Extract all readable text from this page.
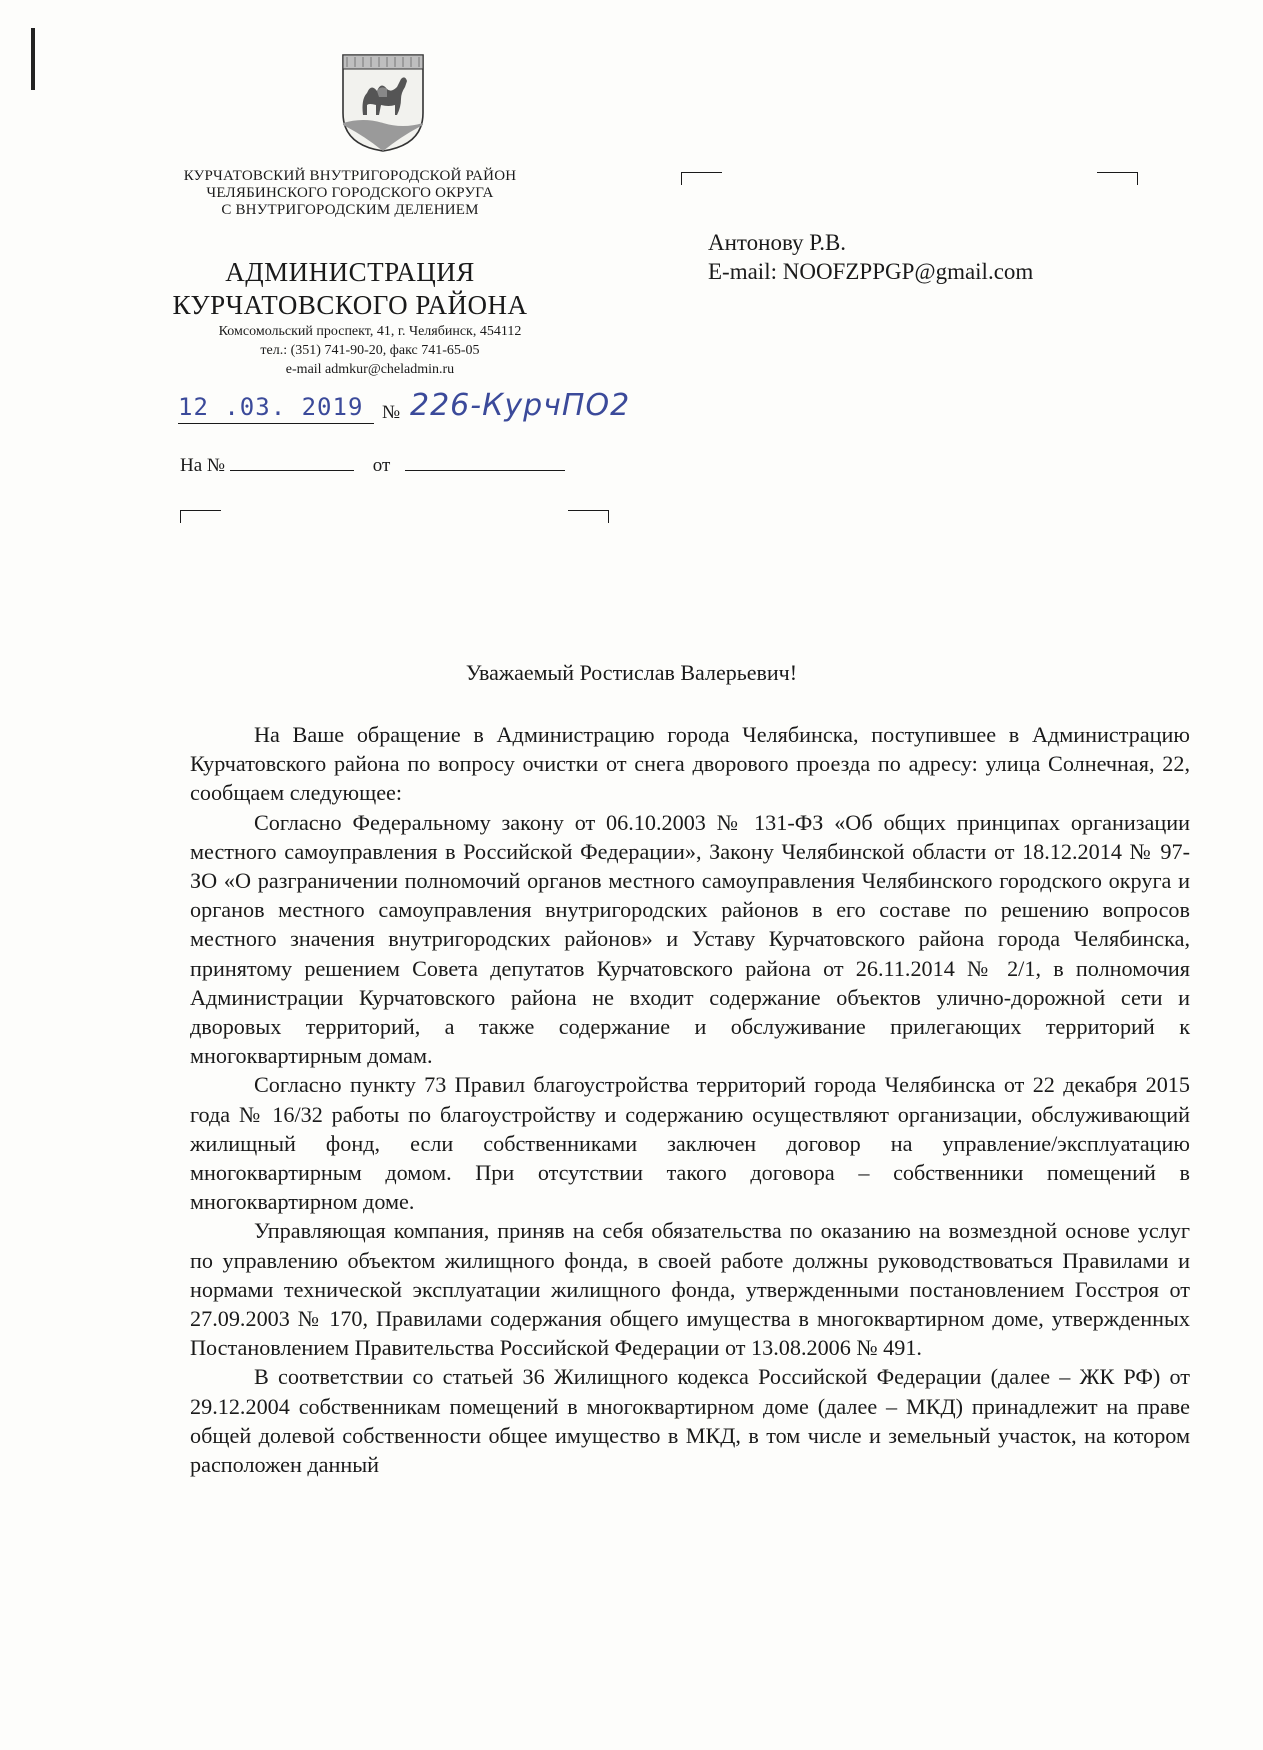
КУРЧАТОВСКИЙ ВНУТРИГОРОДСКОЙ РАЙОН
ЧЕЛЯБИНСКОГО ГОРОДСКОГО ОКРУГА
С ВНУТРИГОРОДСКИМ ДЕЛЕНИЕМ
АДМИНИСТРАЦИЯ
КУРЧАТОВСКОГО РАЙОНА
Комсомольский проспект, 41, г. Челябинск, 454112
тел.: (351) 741-90-20, факс 741-65-05
e-mail admkur@cheladmin.ru
12 .03. 2019 № 226-КурчПО2
На №	от
Антонову Р.В.
E-mail: NOOFZPPGP@gmail.com
Уважаемый Ростислав Валерьевич!

На Ваше обращение в Администрацию города Челябинска, поступившее в Администрацию Курчатовского района по вопросу очистки от снега дворового проезда по адресу: улица Солнечная, 22, сообщаем следующее:

Согласно Федеральному закону от 06.10.2003 № 131-ФЗ «Об общих принципах организации местного самоуправления в Российской Федерации», Закону Челябинской области от 18.12.2014 № 97-ЗО «О разграничении полномочий органов местного самоуправления Челябинского городского округа и органов местного самоуправления внутригородских районов в его составе по решению вопросов местного значения внутригородских районов» и Уставу Курчатовского района города Челябинска, принятому решением Совета депутатов Курчатовского района от 26.11.2014 № 2/1, в полномочия Администрации Курчатовского района не входит содержание объектов улично-дорожной сети и дворовых территорий, а также содержание и обслуживание прилегающих территорий к многоквартирным домам.

Согласно пункту 73 Правил благоустройства территорий города Челябинска от 22 декабря 2015 года № 16/32 работы по благоустройству и содержанию осуществляют организации, обслуживающий жилищный фонд, если собственниками заключен договор на управление/эксплуатацию многоквартирным домом. При отсутствии такого договора – собственники помещений в многоквартирном доме.

Управляющая компания, приняв на себя обязательства по оказанию на возмездной основе услуг по управлению объектом жилищного фонда, в своей работе должны руководствоваться Правилами и нормами технической эксплуатации жилищного фонда, утвержденными постановлением Госстроя от 27.09.2003 № 170, Правилами содержания общего имущества в многоквартирном доме, утвержденных Постановлением Правительства Российской Федерации от 13.08.2006 № 491.

В соответствии со статьей 36 Жилищного кодекса Российской Федерации (далее – ЖК РФ) от 29.12.2004 собственникам помещений в многоквартирном доме (далее – МКД) принадлежит на праве общей долевой собственности общее имущество в МКД, в том числе и земельный участок, на котором расположен данный
